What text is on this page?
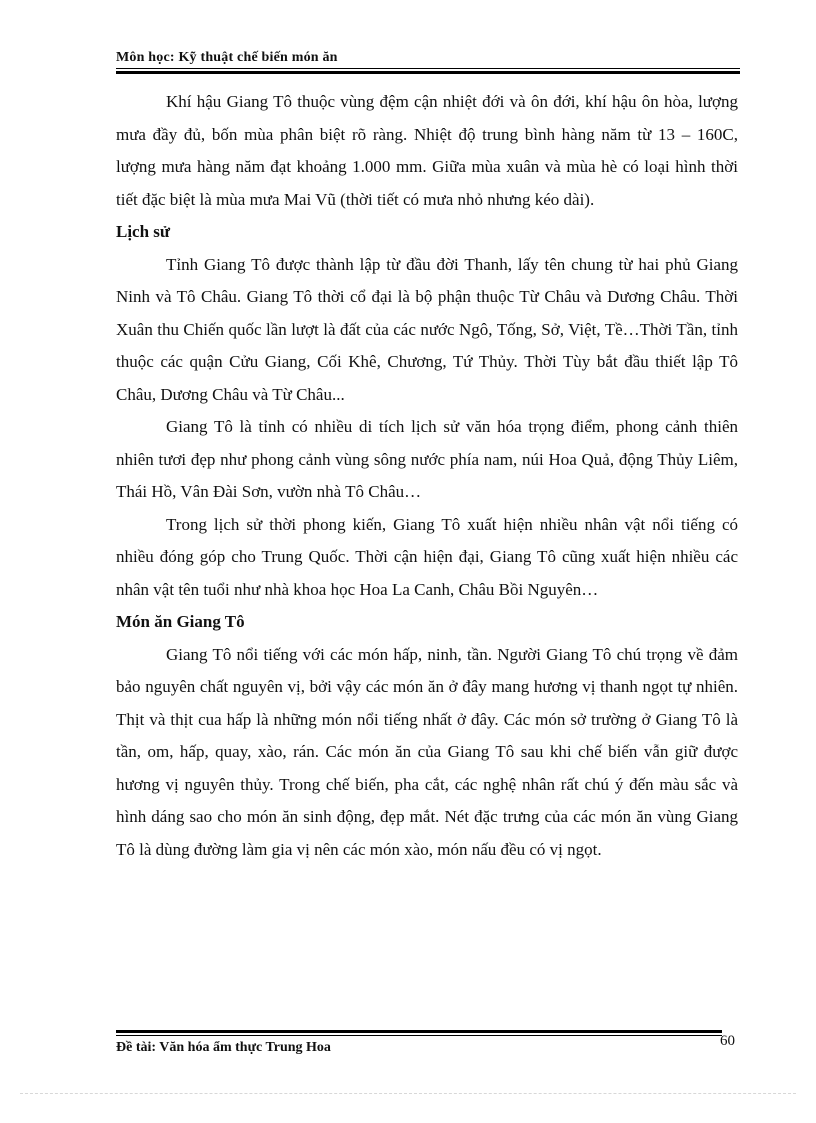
Môn học: Kỹ thuật chế biến món ăn

Khí hậu Giang Tô thuộc vùng đệm cận nhiệt đới và ôn đới, khí hậu ôn hòa, lượng mưa đầy đủ, bốn mùa phân biệt rõ ràng. Nhiệt độ trung bình hàng năm từ 13 – 160C, lượng mưa hàng năm đạt khoảng 1.000 mm. Giữa mùa xuân và mùa hè có loại hình thời tiết đặc biệt là mùa mưa Mai Vũ (thời tiết có mưa nhỏ nhưng kéo dài).

Lịch sử

Tỉnh Giang Tô được thành lập từ đầu đời Thanh, lấy tên chung từ hai phủ Giang Ninh và Tô Châu. Giang Tô thời cổ đại là bộ phận thuộc Từ Châu và Dương Châu. Thời Xuân thu Chiến quốc lần lượt là đất của các nước Ngô, Tống, Sở, Việt, Tề…Thời Tần, tỉnh thuộc các quận Cửu Giang, Cối Khê, Chương, Tứ Thủy. Thời Tùy bắt đầu thiết lập Tô Châu, Dương Châu và Từ Châu...

Giang Tô là tỉnh có nhiều di tích lịch sử văn hóa trọng điểm, phong cảnh thiên nhiên tươi đẹp như phong cảnh vùng sông nước phía nam, núi Hoa Quả, động Thủy Liêm, Thái Hồ, Vân Đài Sơn, vườn nhà Tô Châu…

Trong lịch sử thời phong kiến, Giang Tô xuất hiện nhiều nhân vật nổi tiếng có nhiều đóng góp cho Trung Quốc. Thời cận hiện đại, Giang Tô cũng xuất hiện nhiều các nhân vật tên tuổi như nhà khoa học Hoa La Canh, Châu Bồi Nguyên…

Món ăn Giang Tô

Giang Tô nổi tiếng với các món hấp, ninh, tần. Người Giang Tô chú trọng về đảm bảo nguyên chất nguyên vị, bởi vậy các món ăn ở đây mang hương vị thanh ngọt tự nhiên. Thịt và thịt cua hấp là những món nổi tiếng nhất ở đây. Các món sở trường ở Giang Tô là tần, om, hấp, quay, xào, rán. Các món ăn của Giang Tô sau khi chế biến vẫn giữ được hương vị nguyên thủy. Trong chế biến, pha cắt, các nghệ nhân rất chú ý đến màu sắc và hình dáng sao cho món ăn sinh động, đẹp mắt. Nét đặc trưng của các món ăn vùng Giang Tô là dùng đường làm gia vị nên các món xào, món nấu đều có vị ngọt.

60
Đề tài: Văn hóa ẩm thực Trung Hoa
